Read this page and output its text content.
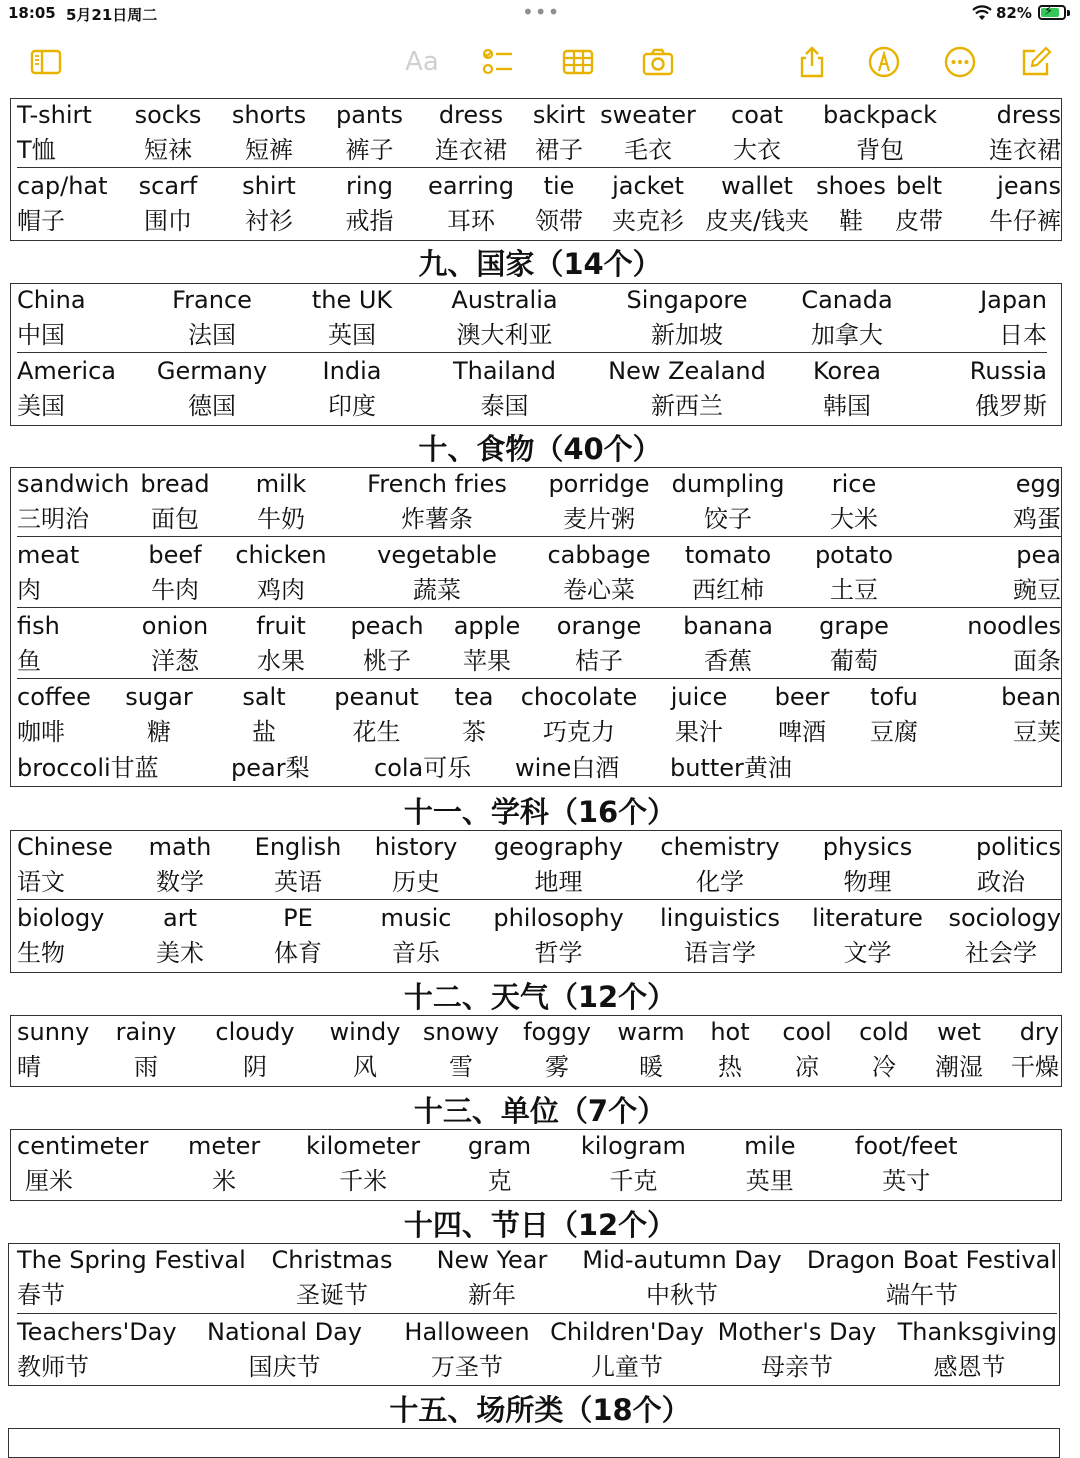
18:05 5月21日周二	•••	82% ⚡
Aa
T-shirt	socks	shorts	pants	dress	skirt	sweater	coat	backpack		dress
T恤	短袜	短裤	裤子	连衣裙	裙子	毛衣	大衣	背包		连衣裙
cap/hat	scarf	shirt	ring	earring	tie	jacket	wallet	shoes	belt	jeans
帽子	围巾	衬衫	戒指	耳环	领带	夹克衫	皮夹/钱夹	鞋	皮带	牛仔裤
九、国家（14个）
China	France	the UK	Australia	Singapore	Canada	Japan
中国	法国	英国	澳大利亚	新加坡	加拿大	日本
America	Germany	India	Thailand	New Zealand	Korea	Russia
美国	德国	印度	泰国	新西兰	韩国	俄罗斯
十、食物（40个）
sandwich	bread	milk	French fries		porridge	dumpling	rice	egg
三明治	面包	牛奶	炸薯条		麦片粥	饺子	大米	鸡蛋
meat	beef	chicken	vegetable		cabbage	tomato	potato	pea
肉	牛肉	鸡肉	蔬菜		卷心菜	西红柿	土豆	豌豆
fish	onion	fruit	peach	apple	orange	banana	grape	noodles
鱼	洋葱	水果	桃子	苹果	桔子	香蕉	葡萄	面条
coffee	sugar	salt	peanut	tea	chocolate	juice	beer	tofu	bean
咖啡	糖	盐	花生	茶	巧克力	果汁	啤酒	豆腐	豆荚
broccoli甘蓝	pear梨	cola可乐 wine白酒 butter黄油
十一、学科（16个）
Chinese	math	English	history	geography	chemistry	physics	politics
语文	数学	英语	历史	地理	化学	物理	政治
biology	art	PE	music	philosophy	linguistics	literature	sociology
生物	美术	体育	音乐	哲学	语言学	文学	社会学
十二、天气（12个）
sunny	rainy	cloudy	windy	snowy	foggy	warm	hot	cool	cold	wet	dry
晴	雨	阴	风	雪	雾	暖	热	凉	冷	潮湿	干燥
十三、单位（7个）
centimeter	meter	kilometer	gram	kilogram	mile	foot/feet
厘米	米	千米	克	千克	英里	英寸
十四、节日（12个）
The Spring Festival	Christmas	New Year	Mid-autumn Day	Dragon Boat Festival
春节	圣诞节	新年	中秋节	端午节
Teachers'Day	National Day	Halloween	Children'Day	Mother's Day	Thanksgiving
教师节	国庆节	万圣节	儿童节	母亲节	感恩节
十五、场所类（18个）
